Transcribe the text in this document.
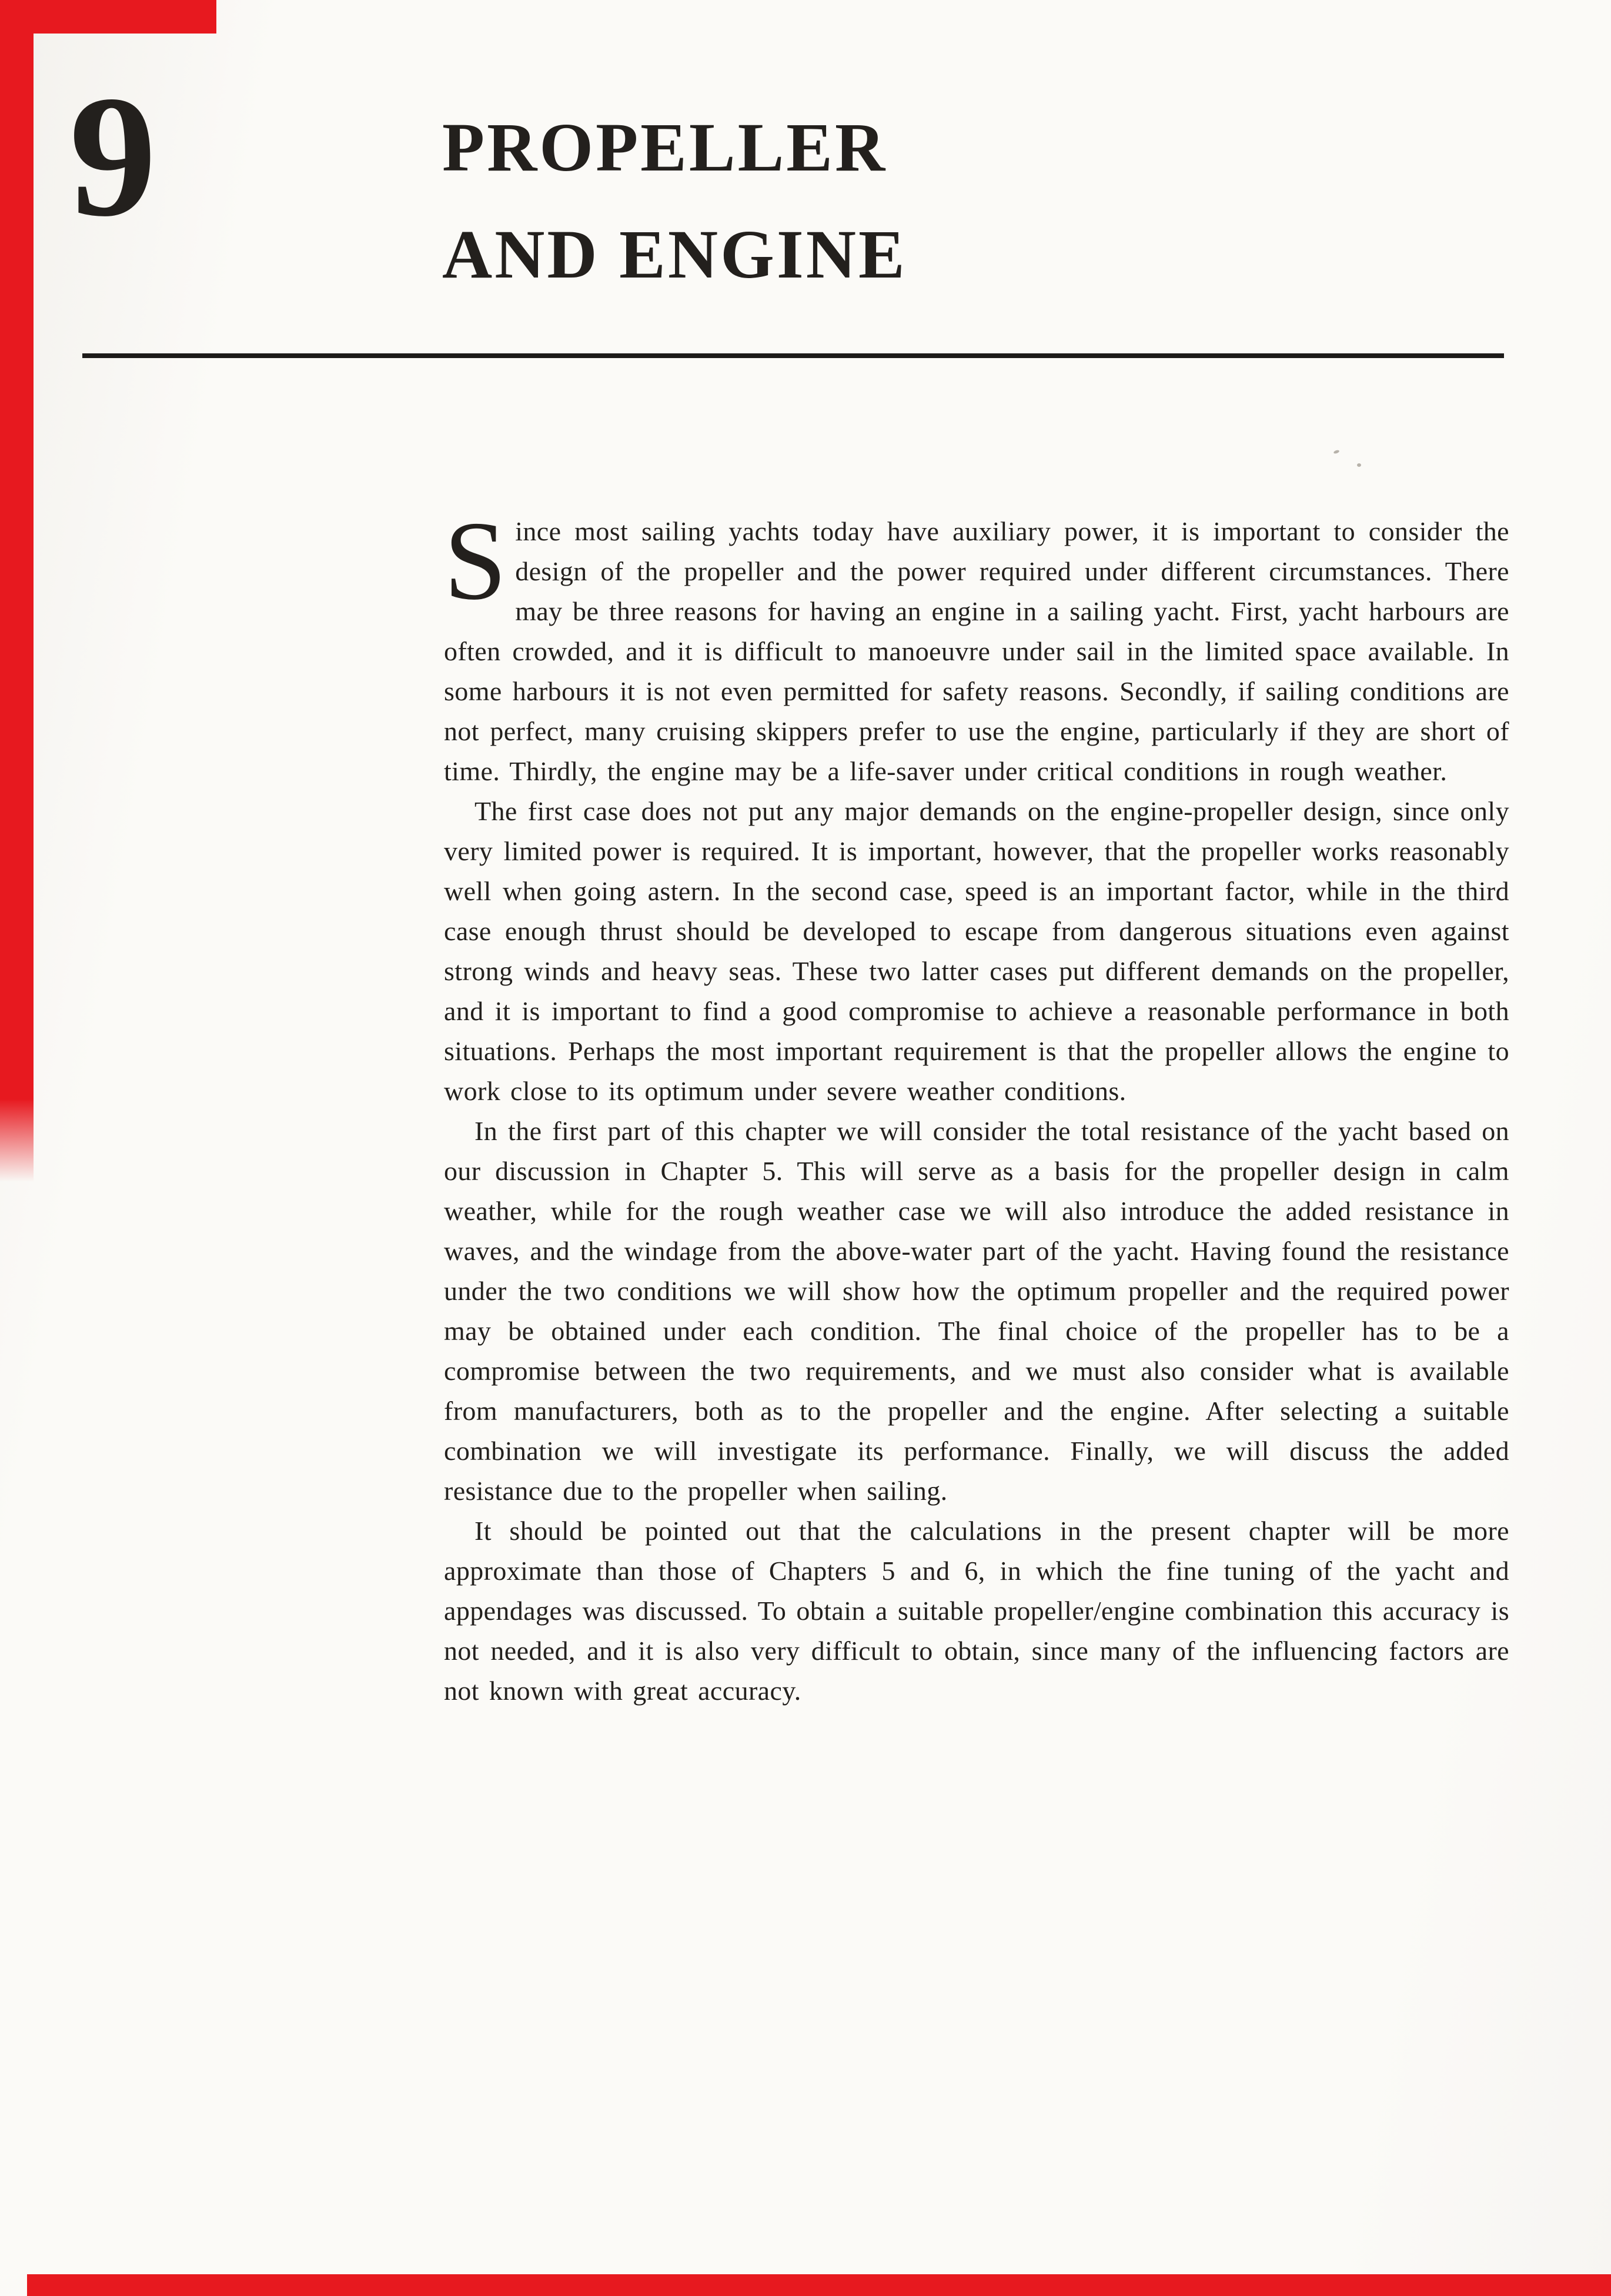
9	PROPELLER
AND ENGINE

Since most sailing yachts today have auxiliary power, it is important to consider the design of the propeller and the power required under different circumstances. There may be three reasons for having an engine in a sailing yacht. First, yacht harbours are often crowded, and it is difficult to manoeuvre under sail in the limited space available. In some harbours it is not even permitted for safety reasons. Secondly, if sailing conditions are not perfect, many cruising skippers prefer to use the engine, particularly if they are short of time. Thirdly, the engine may be a life-saver under critical conditions in rough weather.

The first case does not put any major demands on the engine-propeller design, since only very limited power is required. It is important, however, that the propeller works reasonably well when going astern. In the second case, speed is an important factor, while in the third case enough thrust should be developed to escape from dangerous situations even against strong winds and heavy seas. These two latter cases put different demands on the propeller, and it is important to find a good compromise to achieve a reasonable performance in both situations. Perhaps the most important requirement is that the propeller allows the engine to work close to its optimum under severe weather conditions.

In the first part of this chapter we will consider the total resistance of the yacht based on our discussion in Chapter 5. This will serve as a basis for the propeller design in calm weather, while for the rough weather case we will also introduce the added resistance in waves, and the windage from the above-water part of the yacht. Having found the resistance under the two conditions we will show how the optimum propeller and the required power may be obtained under each condition. The final choice of the propeller has to be a compromise between the two requirements, and we must also consider what is available from manufacturers, both as to the propeller and the engine. After selecting a suitable combination we will investigate its performance. Finally, we will discuss the added resistance due to the propeller when sailing.

It should be pointed out that the calculations in the present chapter will be more approximate than those of Chapters 5 and 6, in which the fine tuning of the yacht and appendages was discussed. To obtain a suitable propeller/engine combination this accuracy is not needed, and it is also very difficult to obtain, since many of the influencing factors are not known with great accuracy.
